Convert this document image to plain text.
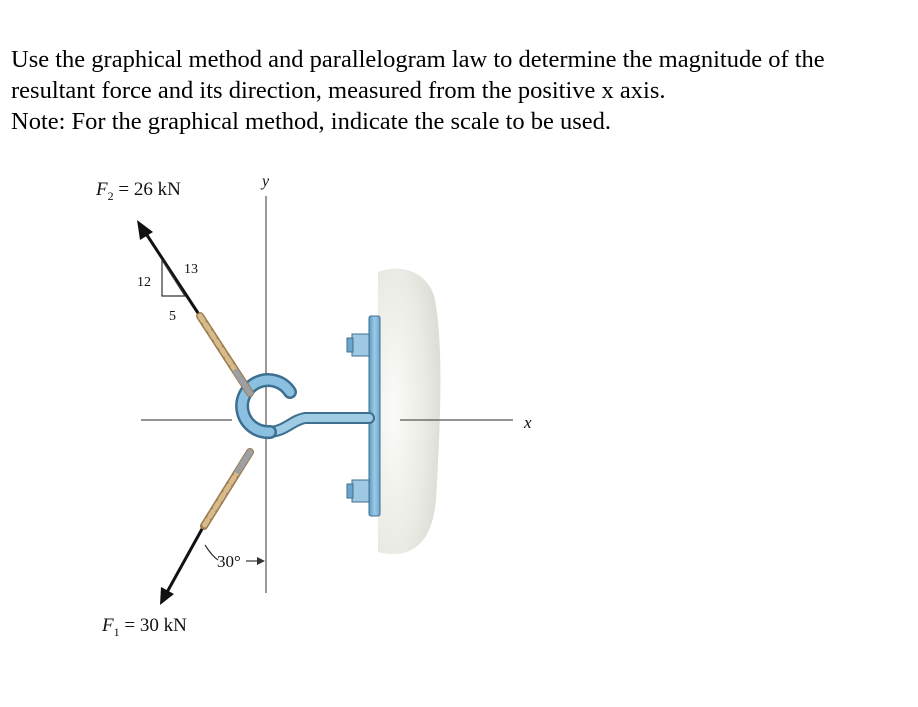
Use the graphical method and parallelogram law to determine the magnitude of the
resultant force and its direction, measured from the positive x axis.
Note: For the graphical method, indicate the scale to be used.
12
5
13
30°
$F_2 = 26$ kN
$F_1 = 30$ kN
y
x
